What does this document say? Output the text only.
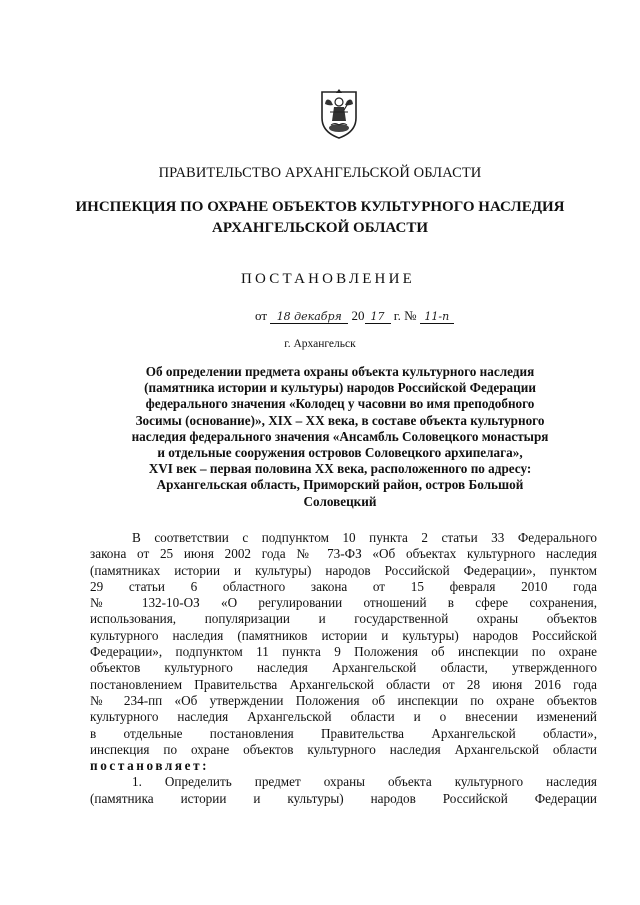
ПРАВИТЕЛЬСТВО АРХАНГЕЛЬСКОЙ ОБЛАСТИ
ИНСПЕКЦИЯ ПО ОХРАНЕ ОБЪЕКТОВ КУЛЬТУРНОГО НАСЛЕДИЯ
АРХАНГЕЛЬСКОЙ ОБЛАСТИ
ПОСТАНОВЛЕНИЕ
от 18 декабря 20 17 г. № 11-п
г. Архангельск
Об определении предмета охраны объекта культурного наследия
(памятника истории и культуры) народов Российской Федерации
федерального значения «Колодец у часовни во имя преподобного
Зосимы (основание)», XIX – XX века, в составе объекта культурного
наследия федерального значения «Ансамбль Соловецкого монастыря
и отдельные сооружения островов Соловецкого архипелага»,
XVI век – первая половина XX века, расположенного по адресу:
Архангельская область, Приморский район, остров Большой
Соловецкий
В соответствии с подпунктом 10 пункта 2 статьи 33 Федерального
закона от 25 июня 2002 года № 73-ФЗ «Об объектах культурного наследия
(памятниках истории и культуры) народов Российской Федерации», пунктом
29 статьи 6 областного закона от 15 февраля 2010 года
№ 132-10-ОЗ «О регулировании отношений в сфере сохранения,
использования, популяризации и государственной охраны объектов
культурного наследия (памятников истории и культуры) народов Российской
Федерации», подпунктом 11 пункта 9 Положения об инспекции по охране
объектов культурного наследия Архангельской области, утвержденного
постановлением Правительства Архангельской области от 28 июня 2016 года
№ 234-пп «Об утверждении Положения об инспекции по охране объектов
культурного наследия Архангельской области и о внесении изменений
в отдельные постановления Правительства Архангельской области»,
инспекция по охране объектов культурного наследия Архангельской области
постановляет:
1. Определить предмет охраны объекта культурного наследия
(памятника истории и культуры) народов Российской Федерации
